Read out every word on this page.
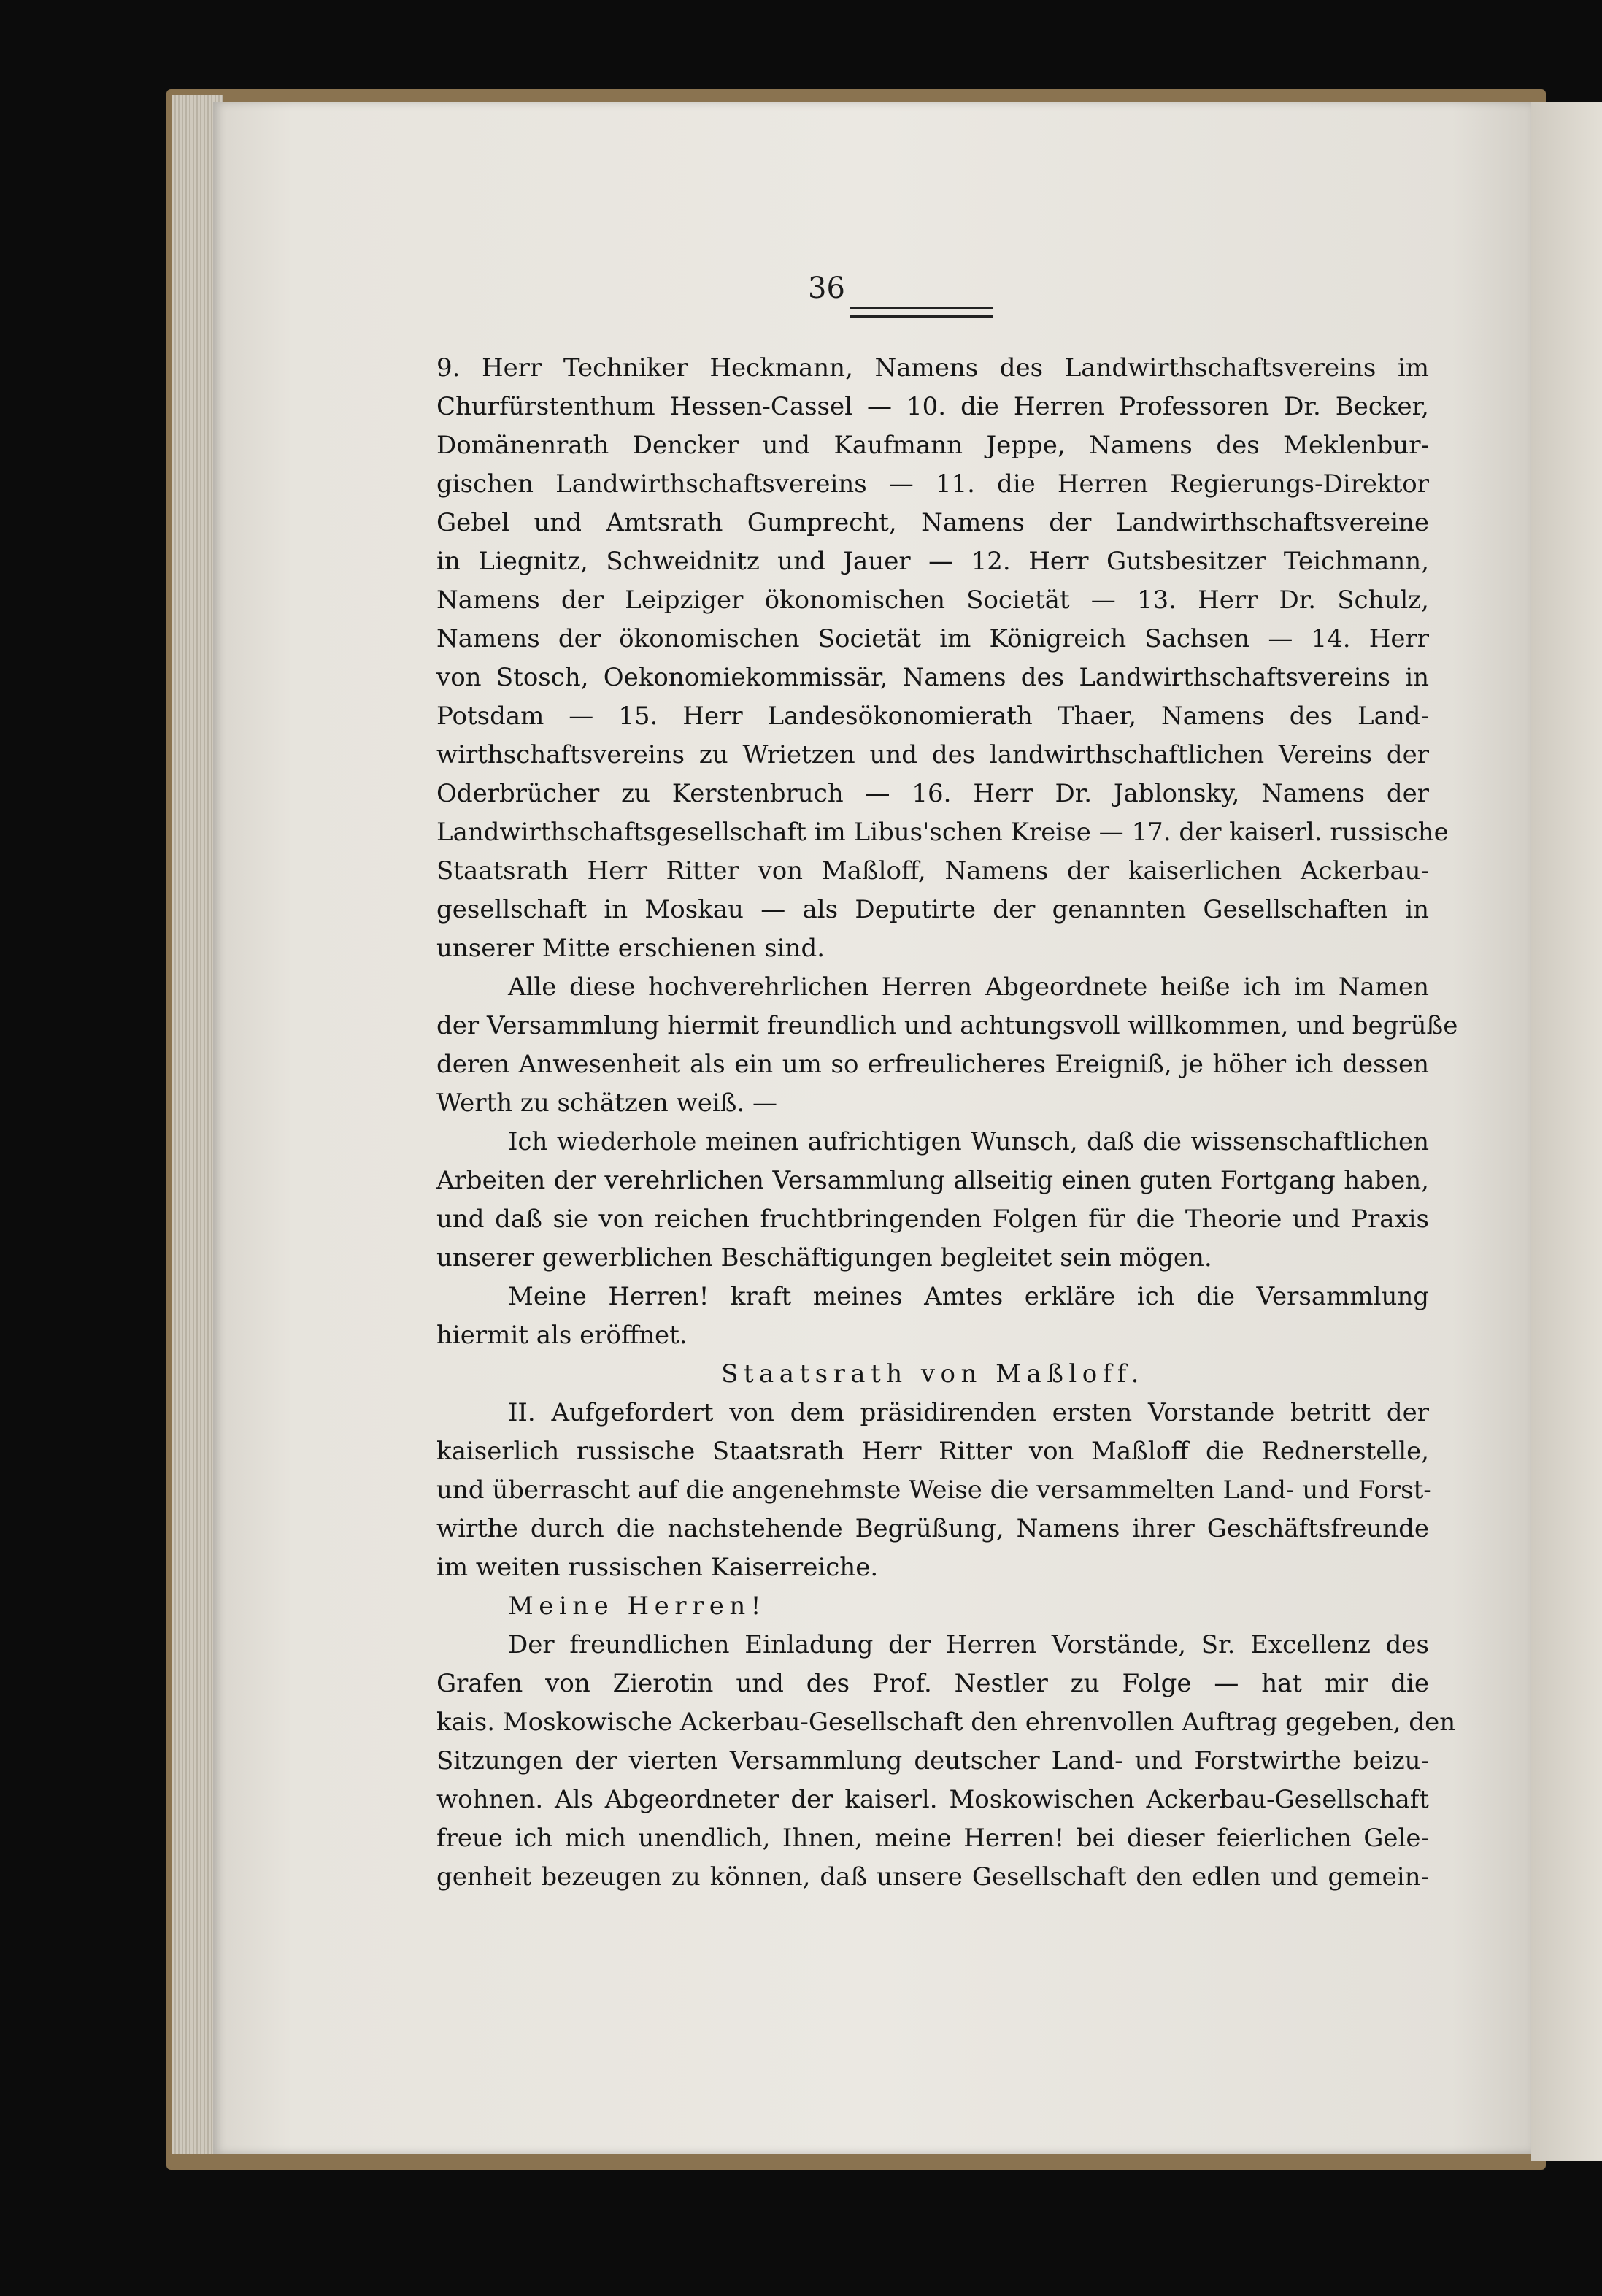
36
9. Herr Techniker Heckmann, Namens des Landwirthschaftsvereins im
Churfürstenthum Hessen-Cassel — 10. die Herren Professoren Dr. Becker,
Domänenrath Dencker und Kaufmann Jeppe, Namens des Meklenbur-
gischen Landwirthschaftsvereins — 11. die Herren Regierungs-Direktor
Gebel und Amtsrath Gumprecht, Namens der Landwirthschaftsvereine
in Liegnitz, Schweidnitz und Jauer — 12. Herr Gutsbesitzer Teichmann,
Namens der Leipziger ökonomischen Societät — 13. Herr Dr. Schulz,
Namens der ökonomischen Societät im Königreich Sachsen — 14. Herr
von Stosch, Oekonomiekommissär, Namens des Landwirthschaftsvereins in
Potsdam — 15. Herr Landesökonomierath Thaer, Namens des Land-
wirthschaftsvereins zu Wrietzen und des landwirthschaftlichen Vereins der
Oderbrücher zu Kerstenbruch — 16. Herr Dr. Jablonsky, Namens der
Landwirthschaftsgesellschaft im Libus'schen Kreise — 17. der kaiserl. russische
Staatsrath Herr Ritter von Maßloff, Namens der kaiserlichen Ackerbau-
gesellschaft in Moskau — als Deputirte der genannten Gesellschaften in
unserer Mitte erschienen sind.
Alle diese hochverehrlichen Herren Abgeordnete heiße ich im Namen
der Versammlung hiermit freundlich und achtungsvoll willkommen, und begrüße
deren Anwesenheit als ein um so erfreulicheres Ereigniß, je höher ich dessen
Werth zu schätzen weiß. —
Ich wiederhole meinen aufrichtigen Wunsch, daß die wissenschaftlichen
Arbeiten der verehrlichen Versammlung allseitig einen guten Fortgang haben,
und daß sie von reichen fruchtbringenden Folgen für die Theorie und Praxis
unserer gewerblichen Beschäftigungen begleitet sein mögen.
Meine Herren! kraft meines Amtes erkläre ich die Versammlung
hiermit als eröffnet.
Staatsrath von Maßloff.
II. Aufgefordert von dem präsidirenden ersten Vorstande betritt der
kaiserlich russische Staatsrath Herr Ritter von Maßloff die Rednerstelle,
und überrascht auf die angenehmste Weise die versammelten Land- und Forst-
wirthe durch die nachstehende Begrüßung, Namens ihrer Geschäftsfreunde
im weiten russischen Kaiserreiche.
Meine Herren!
Der freundlichen Einladung der Herren Vorstände, Sr. Excellenz des
Grafen von Zierotin und des Prof. Nestler zu Folge — hat mir die
kais. Moskowische Ackerbau-Gesellschaft den ehrenvollen Auftrag gegeben, den
Sitzungen der vierten Versammlung deutscher Land- und Forstwirthe beizu-
wohnen. Als Abgeordneter der kaiserl. Moskowischen Ackerbau-Gesellschaft
freue ich mich unendlich, Ihnen, meine Herren! bei dieser feierlichen Gele-
genheit bezeugen zu können, daß unsere Gesellschaft den edlen und gemein-
